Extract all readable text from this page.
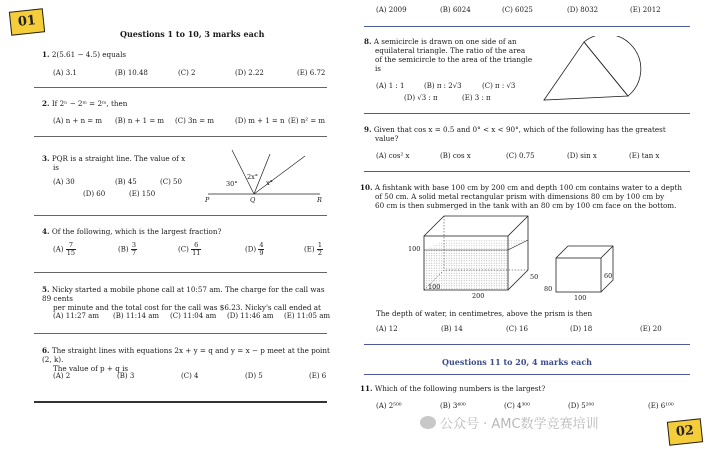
01
Questions 1 to 10, 3 marks each
1. 2(5.61 − 4.5) equals
(A) 3.1	(B) 10.48	(C) 2	(D) 2.22	(E) 6.72
2. If 2ⁿ − 2ᵐ = 2ᵐ, then
(A) n + n = m (B) n + 1 = m (C) 3n = m	(D) m + 1 = n (E) n² = m
3. PQR is a straight line. The value of x
is
(A) 30	(B) 45	(C) 50
(D) 60	(E) 150
P	Q	R
30°
2x°
x°
4. Of the following, which is the largest fraction?
$(A) \frac{7}{15}$	$(B) \frac{3}{7}$	$(C) \frac{6}{11}$	$(D) \frac{4}{9}$	$(E) \frac{1}{2}$
5. Nicky started a mobile phone call at 10:57 am. The charge for the call was 89 cents
per minute and the total cost for the call was $6.23. Nicky's call ended at
(A) 11:27 am (B) 11:14 am (C) 11:04 am (D) 11:46 am (E) 11:05 am
6. The straight lines with equations 2x + y = q and y = x − p meet at the point (2, k).
The value of p + q is
(A) 2	(B) 3	(C) 4	(D) 5	(E) 6
(A) 2009	(B) 6024	(C) 6025	(D) 8032	(E) 2012
8. A semicircle is drawn on one side of an
equilateral triangle. The ratio of the area
of the semicircle to the area of the triangle
is
(A) 1 : 1	(B) π : 2√3	(C) π : √3
(D) √3 : π	(E) 3 : π
9. Given that cos x = 0.5 and 0° < x < 90°, which of the following has the greatest
value?
(A) cos² x	(B) cos x	(C) 0.75	(D) sin x	(E) tan x
10. A fishtank with base 100 cm by 200 cm and depth 100 cm contains water to a depth
of 50 cm. A solid metal rectangular prism with dimensions 80 cm by 100 cm by
60 cm is then submerged in the tank with an 80 cm by 100 cm face on the bottom.
100
200
100
50
80
100
60
The depth of water, in centimetres, above the prism is then
(A) 12	(B) 14	(C) 16	(D) 18	(E) 20
Questions 11 to 20, 4 marks each
11. Which of the following numbers is the largest?
(A) 2⁵⁰⁰	(B) 3⁴⁰⁰	(C) 4³⁰⁰	(D) 5²⁰⁰	(E) 6¹⁰⁰
公众号 · AMC数学竞赛培训	02
